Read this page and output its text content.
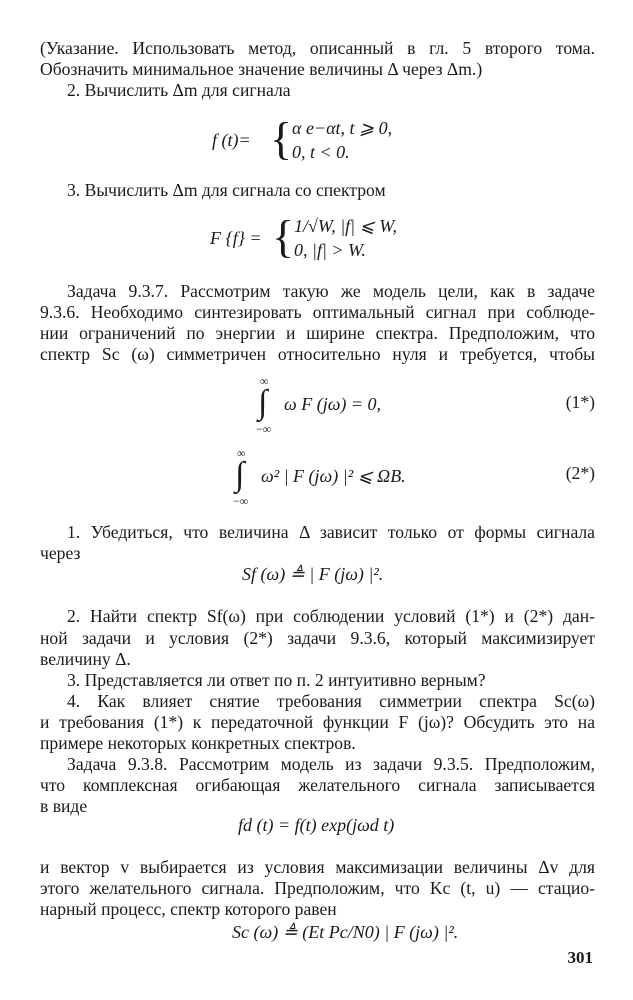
(Указание. Использовать метод, описанный в гл. 5 второго тома.
Обозначить минимальное значение величины Δ через Δm.)
2. Вычислить Δm для сигнала
f (t)= { α e−αt, t ⩾ 0,
0, t < 0.
3. Вычислить Δm для сигнала со спектром
F {f} = { 1/√W, |f| ⩽ W,
0, |f| > W.
Задача 9.3.7. Рассмотрим такую же модель цели, как в задаче
9.3.6. Необходимо синтезировать оптимальный сигнал при соблюде-
нии ограничений по энергии и ширине спектра. Предположим, что
спектр Sc (ω) симметричен относительно нуля и требуется, чтобы
∞
∫
−∞
ω F (jω) = 0,	(1*)
∞
∫
−∞
ω² | F (jω) |² ⩽ ΩB.	(2*)
1. Убедиться, что величина Δ зависит только от формы сигнала
через
Sf (ω) ≜ | F (jω) |².
2. Найти спектр Sf(ω) при соблюдении условий (1*) и (2*) дан-
ной задачи и условия (2*) задачи 9.3.6, который максимизирует
величину Δ.
3. Представляется ли ответ по п. 2 интуитивно верным?
4. Как влияет снятие требования симметрии спектра Sc(ω)
и требования (1*) к передаточной функции F (jω)? Обсудить это на
примере некоторых конкретных спектров.
Задача 9.3.8. Рассмотрим модель из задачи 9.3.5. Предположим,
что комплексная огибающая желательного сигнала записывается
в виде
fd (t) = f(t) exp(jωd t)
и вектор v выбирается из условия максимизации величины Δv для
этого желательного сигнала. Предположим, что Kc (t, u) — стацио-
нарный процесс, спектр которого равен
Sc (ω) ≜ (Et Pc/N0) | F (jω) |².
301
